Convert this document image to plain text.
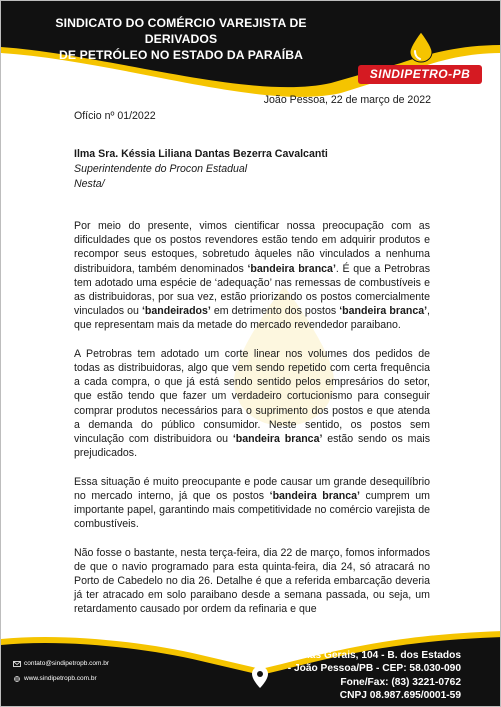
SINDICATO DO COMÉRCIO VAREJISTA DE DERIVADOS
DE PETRÓLEO NO ESTADO DA PARAÍBA
SINDIPETRO-PB
João Pessoa, 22 de março de 2022
Ofício nº 01/2022
Ilma Sra. Késsia Liliana Dantas Bezerra Cavalcanti
Superintendente do Procon Estadual
Nesta/

Por meio do presente, vimos cientificar nossa preocupação com as dificuldades que os postos revendores estão tendo em adquirir produtos e recompor seus estoques, sobretudo àqueles não vinculados a nenhuma distribuidora, também denominados ‘bandeira branca’. É que a Petrobras tem adotado uma espécie de ‘adequação’ nas remessas de combustíveis e as distribuidoras, por sua vez, estão priorizando os postos comercialmente vinculados ou ‘bandeirados’ em detrimento dos postos ‘bandeira branca’, que representam mais da metade do mercado revendedor paraibano.

A Petrobras tem adotado um corte linear nos volumes dos pedidos de todas as distribuidoras, algo que vem sendo repetido com certa frequência a cada compra, o que já está sendo sentido pelos empresários do setor, que estão tendo que fazer um verdadeiro cortucionismo para conseguir comprar produtos necessários para o suprimento dos postos e que atenda a demanda do público consumidor. Neste sentido, os postos sem vinculação com distribuidora ou ‘bandeira branca’ estão sendo os mais prejudicados.

Essa situação é muito preocupante e pode causar um grande desequilíbrio no mercado interno, já que os postos ‘bandeira branca’ cumprem um importante papel, garantindo mais competitividade no comércio varejista de combustíveis.

Não fosse o bastante, nesta terça-feira, dia 22 de março, fomos informados de que o navio programado para esta quinta-feira, dia 24, só atracará no Porto de Cabedelo no dia 26. Detalhe é que a referida embarcação deveria já ter atracado em solo paraibano desde a semana passada, ou seja, um retardamento causado por ordem da refinaria e que

contato@sindipetropb.com.br
www.sindipetropb.com.br
Av. Minas Gerais, 104 - B. dos Estados
- João Pessoa/PB - CEP: 58.030-090
Fone/Fax: (83) 3221-0762
CNPJ 08.987.695/0001-59
